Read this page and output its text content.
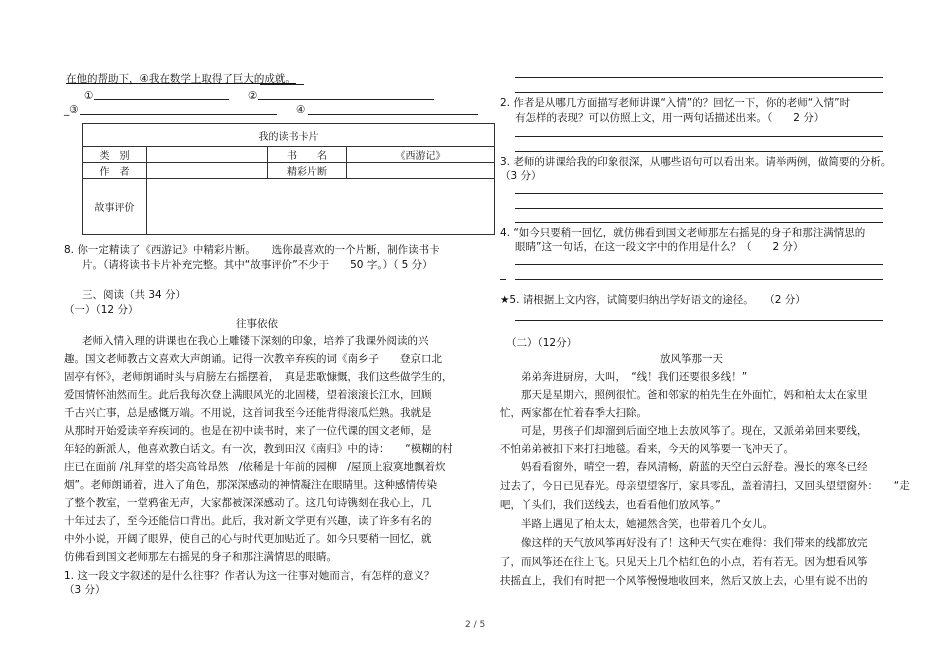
在他的帮助下，④我在数学上取得了巨大的成就。
①	②
_③	④
我的读书卡片			
类　别		书　　名	《西游记》
作　者		精彩片断	
故事评价			
8. 你一定精读了《西游记》中精彩片断。　　选你最喜欢的一个片断，制作读书卡
片。（请将读书卡片补充完整。其中“故事评价”不少于　　50 字。）（ 5 分）
三、阅读（共 34 分）
（一）（12 分）
往事依依
老师入情入理的讲课也在我心上雕镂下深刻的印象，培养了我课外阅读的兴
趣。国文老师教古文喜欢大声朗诵。记得一次教辛弃疾的词《南乡子　　登京口北
固亭有怀》，老师朗诵时头与肩膀左右摇摆着，　真是悲歌慷慨，我们这些做学生的，
爱国情怀油然而生。此后我每次登上满眼风光的北固楼，望着滚滚长江水，回顾
千古兴亡事，总是感慨万端。不用说，这首词我至今还能背得滚瓜烂熟。我就是
从那时开始爱读辛弃疾词的。也是在初中读书时，来了一位代课的国文老师，是
年轻的新派人，他喜欢教白话文。有一次，教到田汉《南归》中的诗：　　“模糊的村
庄已在面前 /礼拜堂的塔尖高耸昂然　/依稀是十年前的园柳　/屋顶上寂寞地飘着炊
烟”。老师朗诵着，进入了角色，那深深感动的神情凝注在眼睛里。这种感情传染
了整个教室，一堂鸦雀无声，大家都被深深感动了。这几句诗镌刻在我心上，几
十年过去了，至今还能信口背出。此后，我对新文学更有兴趣，读了许多有名的
中外小说，开阔了眼界，使自己的心与时代更加贴近了。如今只要稍一回忆，就
仿佛看到国文老师那左右摇晃的身子和那注满情思的眼睛。
1. 这一段文字叙述的是什么往事？作者认为这一往事对她而言，有怎样的意义？
（3 分）
2. 作者是从哪几方面描写老师讲课“入情”的？回忆一下，你的老师“入情”时
有怎样的表现？可以仿照上文，用一两句话描述出来。（　　2 分）
3. 老师的讲课给我的印象很深，从哪些语句可以看出来。请举两例，做简要的分析。
（3 分）
4. “如今只要稍一回忆，就仿佛看到国文老师那左右摇晃的身子和那注满情思的
眼睛”这一句话，在这一段文字中的作用是什么？（　　2 分）
★5. 请根据上文内容，试简要归纳出学好语文的途径。　　（2 分）
（二）（12分）
放风筝那一天
弟弟奔进厨房，大叫，　“线！我们还要很多线！”
那天是星期六，照例很忙。爸和邻家的柏先生在外面忙，妈和柏太太在家里
忙，两家都在忙着春季大扫除。
可是，男孩子们却溜到后面空地上去放风筝了。现在，又派弟弟回来要线，
不怕弟弟被扣下来打扫地毯。看来，今天的风筝要一飞冲天了。
妈看看窗外，晴空一碧，春风清畅，蔚蓝的天空白云舒卷。漫长的寒冬已经
过去了，今日已见春光。母亲望望客厅，家具零乱，盖着清扫，又回头望望窗外：　　“走
吧，丫头们，我们送线去，也看看他们放风筝。”
半路上遇见了柏太太，她褪然含笑，也带着几个女儿。
像这样的天气放风筝再好没有了！这种天气实在难得：我们带来的线都放完
了，而风筝还在往上飞。只见天上几个桔红色的小点，若有若无。因为想看风筝
扶摇直上，我们有时把一个风筝慢慢地收回来，然后又放上去，心里有说不出的
2 / 5
